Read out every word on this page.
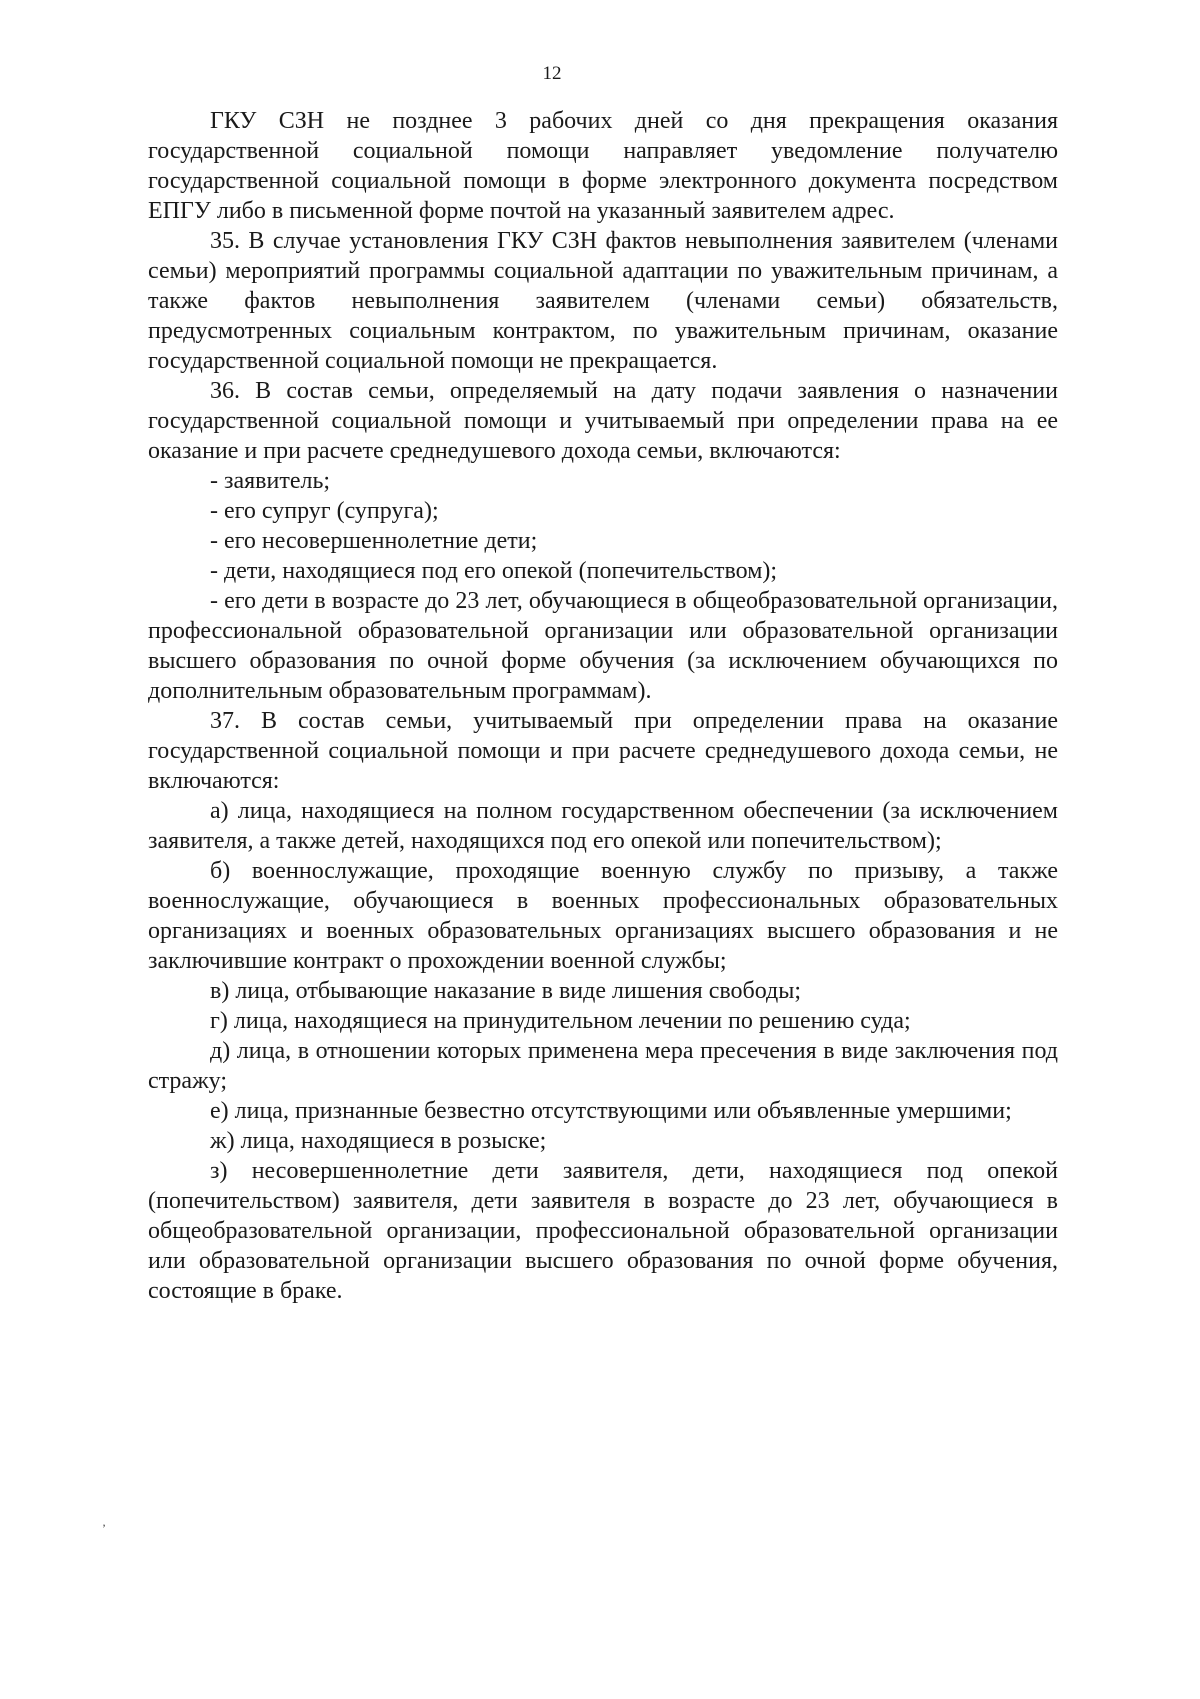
12

ГКУ СЗН не позднее 3 рабочих дней со дня прекращения оказания государственной социальной помощи направляет уведомление получателю государственной социальной помощи в форме электронного документа посредством ЕПГУ либо в письменной форме почтой на указанный заявителем адрес.

35. В случае установления ГКУ СЗН фактов невыполнения заявителем (членами семьи) мероприятий программы социальной адаптации по уважительным причинам, а также фактов невыполнения заявителем (членами семьи) обязательств, предусмотренных социальным контрактом, по уважительным причинам, оказание государственной социальной помощи не прекращается.

36. В состав семьи, определяемый на дату подачи заявления о назначении государственной социальной помощи и учитываемый при определении права на ее оказание и при расчете среднедушевого дохода семьи, включаются:

- заявитель;

- его супруг (супруга);

- его несовершеннолетние дети;

- дети, находящиеся под его опекой (попечительством);

- его дети в возрасте до 23 лет, обучающиеся в общеобразовательной организации, профессиональной образовательной организации или образовательной организации высшего образования по очной форме обучения (за исключением обучающихся по дополнительным образовательным программам).

37. В состав семьи, учитываемый при определении права на оказание государственной социальной помощи и при расчете среднедушевого дохода семьи, не включаются:

а) лица, находящиеся на полном государственном обеспечении (за исключением заявителя, а также детей, находящихся под его опекой или попечительством);

б) военнослужащие, проходящие военную службу по призыву, а также военнослужащие, обучающиеся в военных профессиональных образовательных организациях и военных образовательных организациях высшего образования и не заключившие контракт о прохождении военной службы;

в) лица, отбывающие наказание в виде лишения свободы;

г) лица, находящиеся на принудительном лечении по решению суда;

д) лица, в отношении которых применена мера пресечения в виде заключения под стражу;

е) лица, признанные безвестно отсутствующими или объявленные умершими;

ж) лица, находящиеся в розыске;

з) несовершеннолетние дети заявителя, дети, находящиеся под опекой (попечительством) заявителя, дети заявителя в возрасте до 23 лет, обучающиеся в общеобразовательной организации, профессиональной образовательной организации или образовательной организации высшего образования по очной форме обучения, состоящие в браке.

’
